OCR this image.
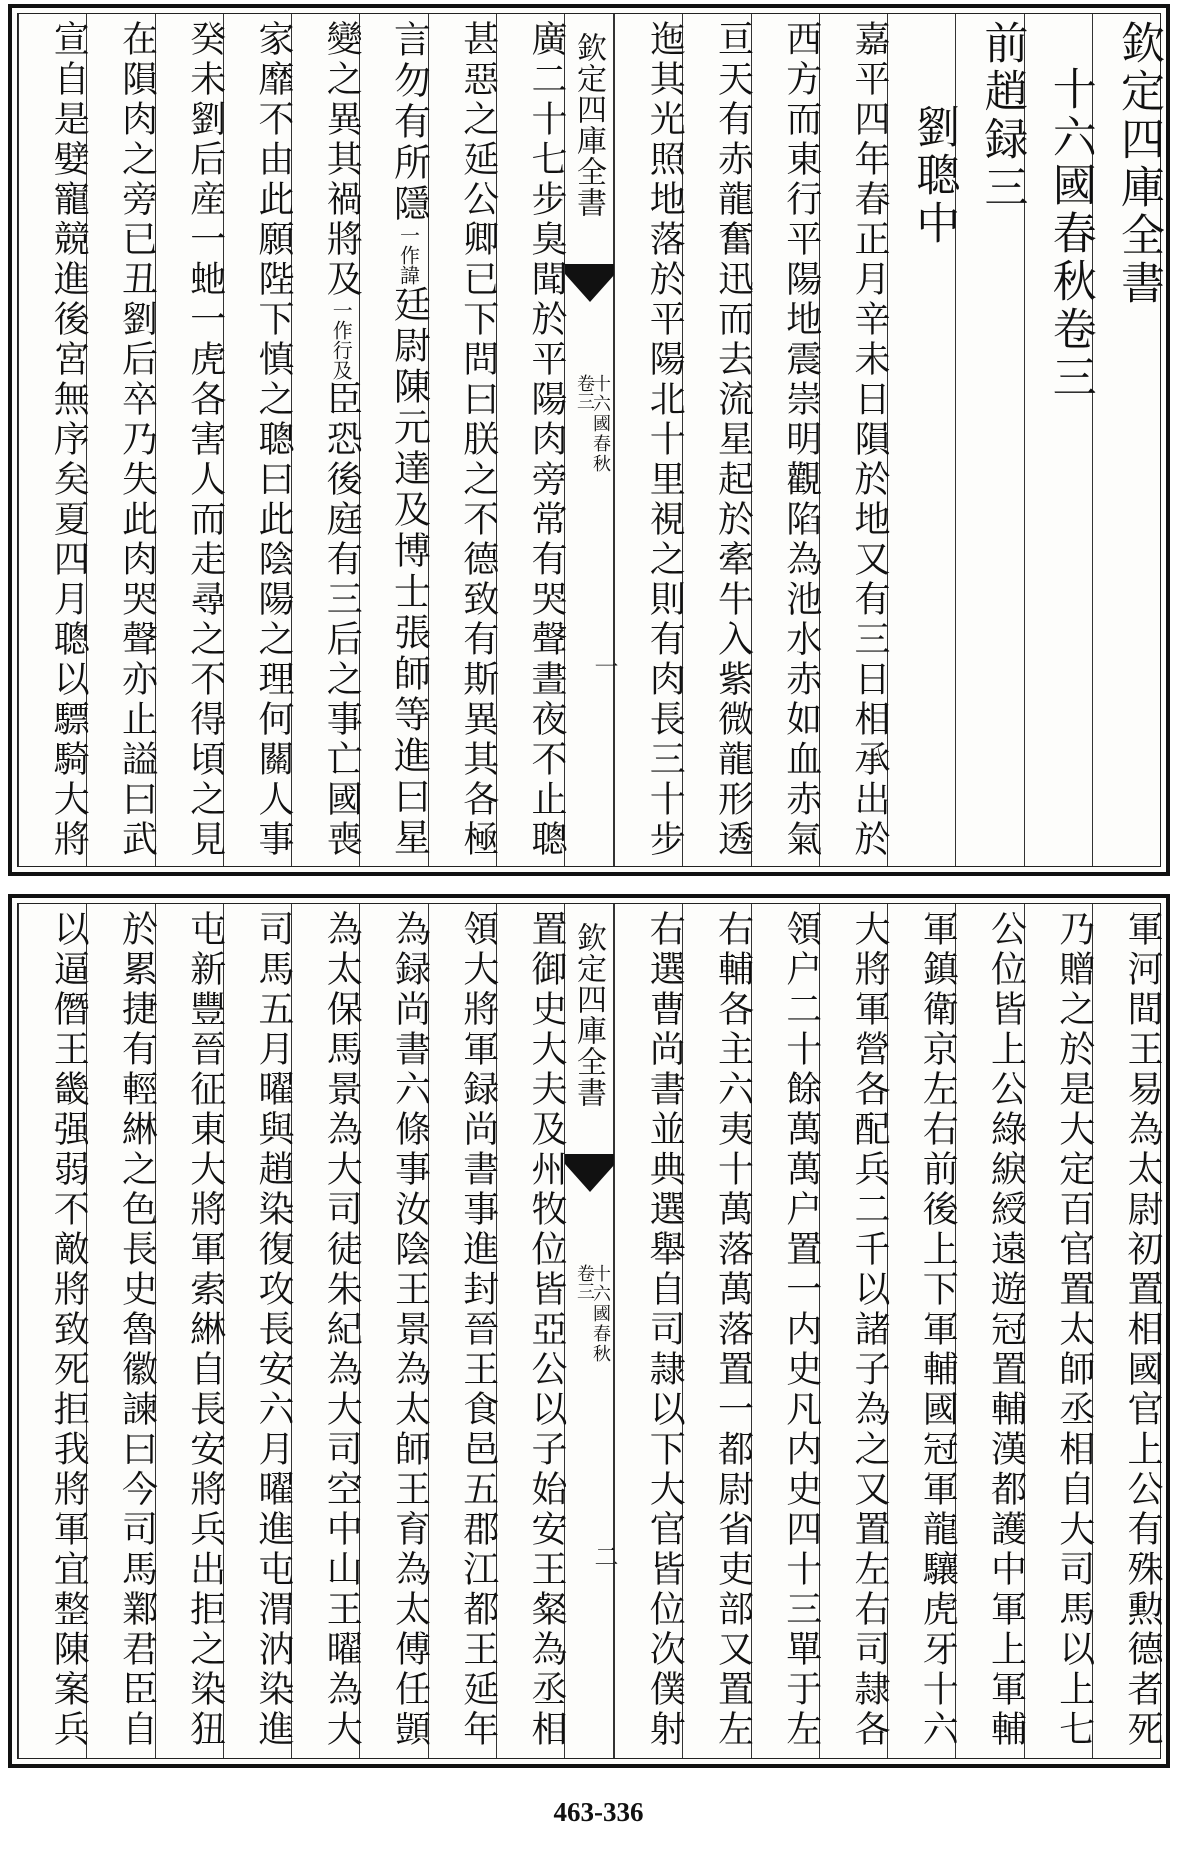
欽定四庫全書
十六國春秋
卷三
一
欽定四庫全書
十六國春秋卷三
前趙録三
劉聰中
嘉平四年春正月辛未日隕於地又有三日相承出於
西方而東行平陽地震崇明觀陷為池水赤如血赤氣
亘天有赤龍奮迅而去流星起於牽牛入紫微龍形透
迤其光照地落於平陽北十里視之則有肉長三十步
廣二十七步臭聞於平陽肉旁常有哭聲晝夜不止聰
甚惡之延公卿已下問曰朕之不德致有斯異其各極
言勿有所隱一作諱廷尉陳元達及博士張師等進曰星
變之異其禍將及一作行及臣恐後庭有三后之事亡國喪
家靡不由此願陛下慎之聰曰此陰陽之理何關人事
癸未劉后産一虵一虎各害人而走尋之不得頃之見
在隕肉之旁已丑劉后卒乃失此肉哭聲亦止謚曰武
宣自是嬖寵競進後宮無序矣夏四月聰以驃騎大將
欽定四庫全書
十六國春秋
卷三
二	軍河間王易為太尉初置相國官上公有殊勲德者死
乃贈之於是大定百官置太師丞相自大司馬以上七
公位皆上公綠綟綬遠遊冠置輔漢都護中軍上軍輔
軍鎮衛京左右前後上下軍輔國冠軍龍驤虎牙十六
大將軍營各配兵二千以諸子為之又置左右司隷各
領户二十餘萬萬户置一内史凡内史四十三單于左
右輔各主六夷十萬落萬落置一都尉省吏部又置左
右選曹尚書並典選舉自司隷以下大官皆位次僕射
置御史大夫及州牧位皆亞公以子始安王粲為丞相
領大將軍録尚書事進封晉王食邑五郡江都王延年
為録尚書六條事汝陰王景為太師王育為太傅任顗
為太保馬景為大司徒朱紀為大司空中山王曜為大
司馬五月曜與趙染復攻長安六月曜進屯渭汭染進
屯新豐晉征東大將軍索綝自長安將兵出拒之染狃
於累捷有輕綝之色長史魯徽諫曰今司馬鄴君臣自
以逼僭王畿强弱不敵將致死拒我將軍宜整陳案兵
463-336
